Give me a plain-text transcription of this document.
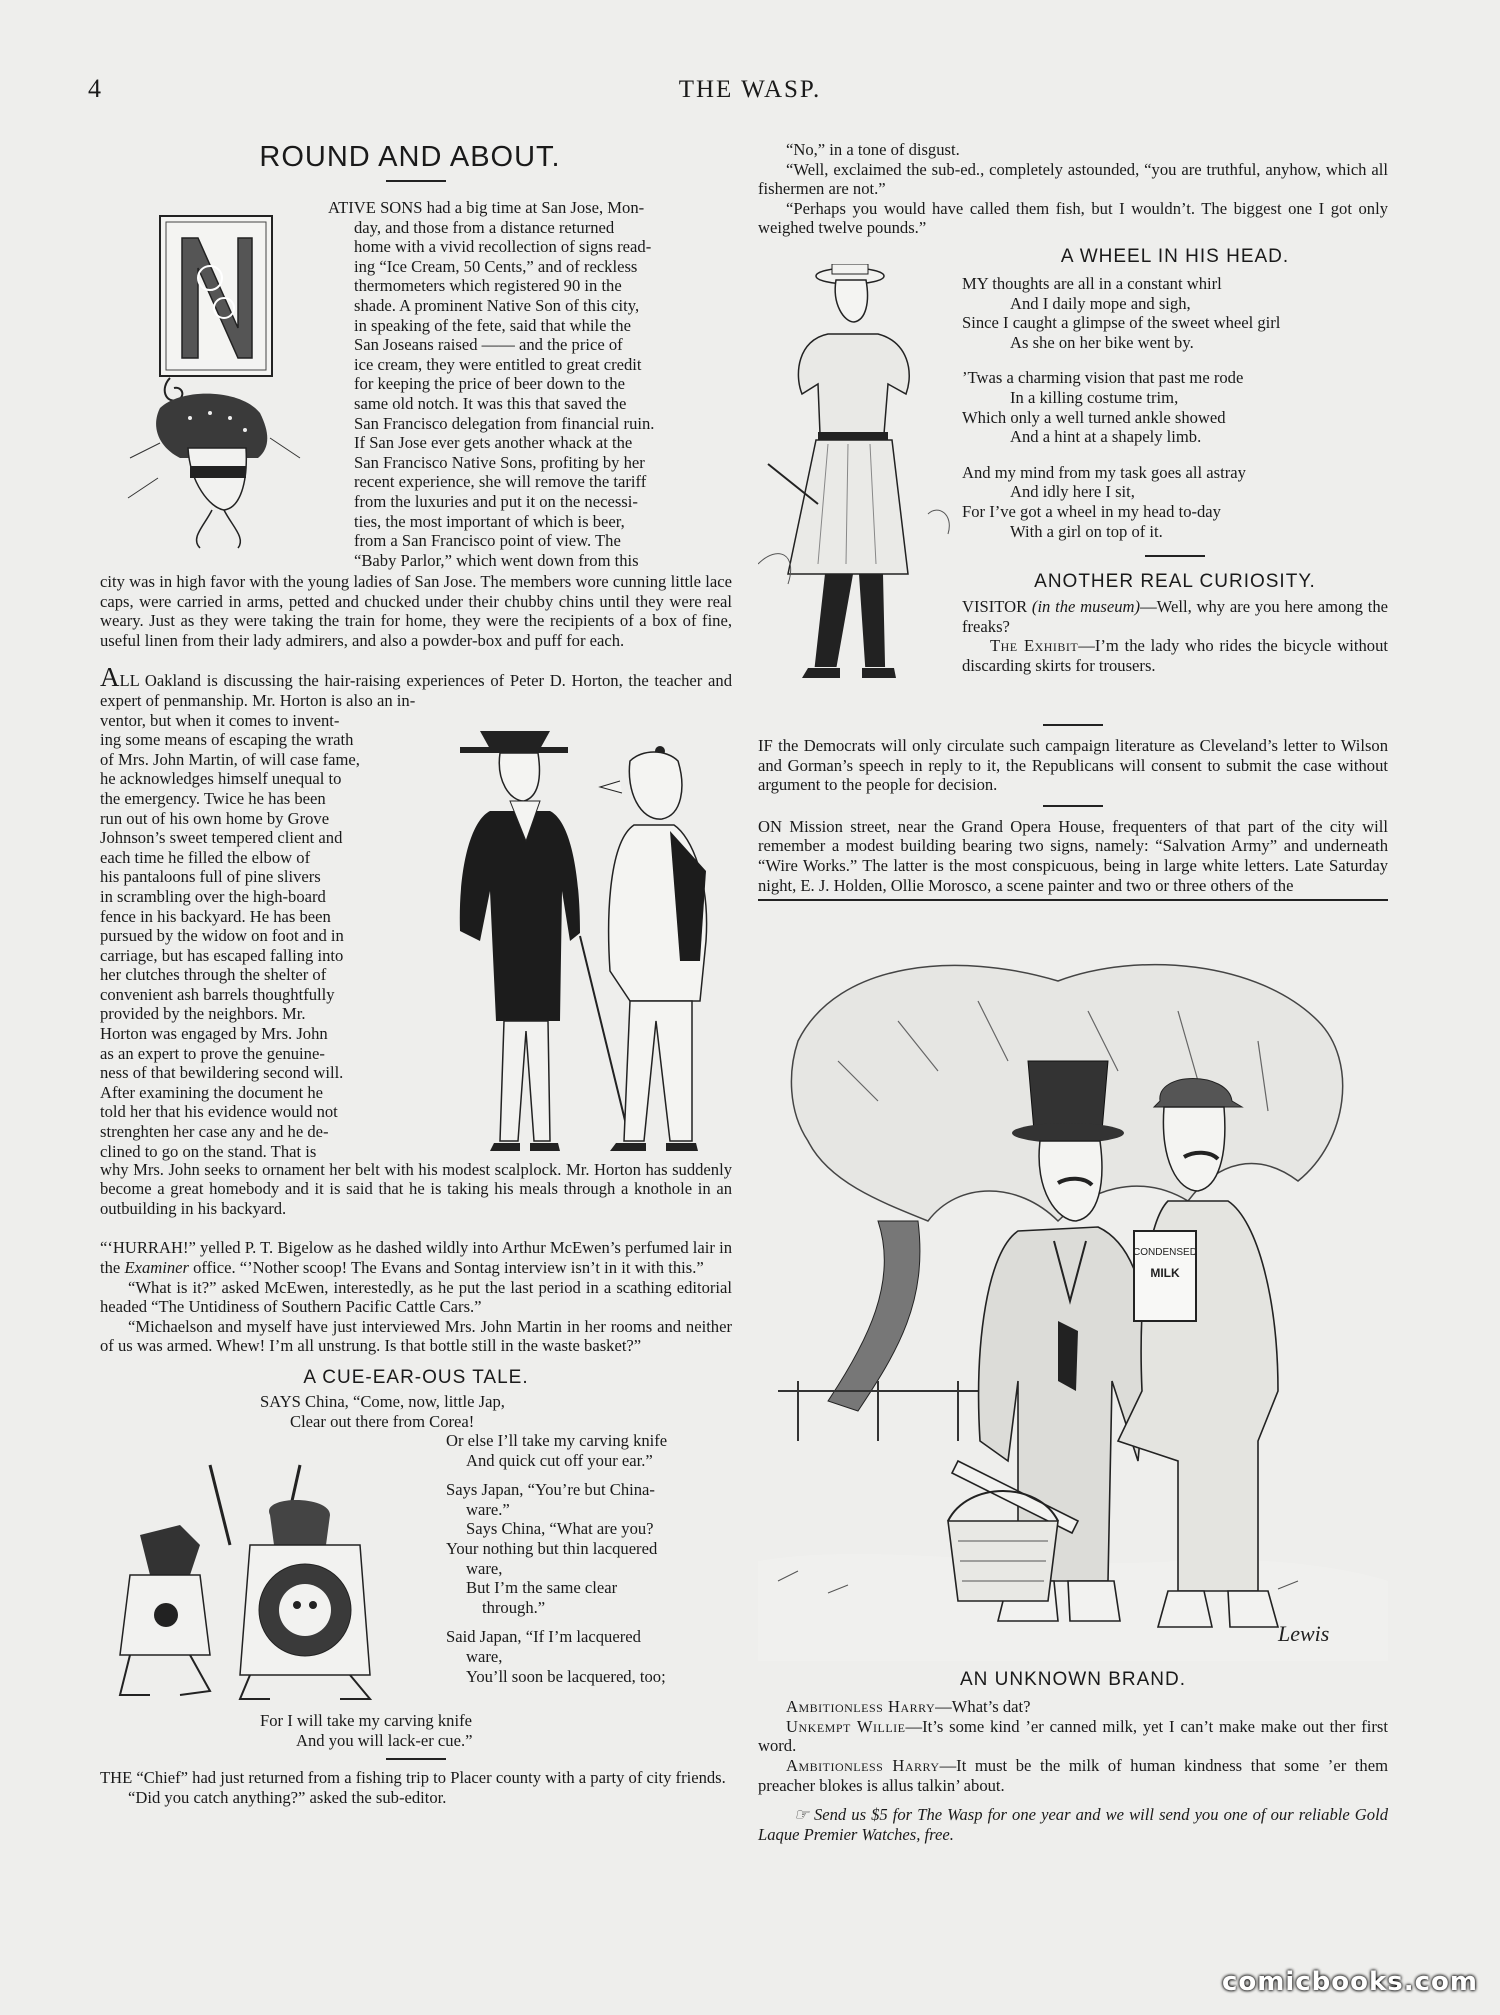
4	THE WASP.
ROUND AND ABOUT.

ATIVE SONS had a big time at San Jose, Mon-

day, and those from a distance returned

home with a vivid recollection of signs read-

ing “Ice Cream, 50 Cents,” and of reckless

thermometers which registered 90 in the

shade. A prominent Native Son of this city,

in speaking of the fete, said that while the

San Joseans raised —— and the price of

ice cream, they were entitled to great credit

for keeping the price of beer down to the

same old notch. It was this that saved the

San Francisco delegation from financial ruin.

If San Jose ever gets another whack at the

San Francisco Native Sons, profiting by her

recent experience, she will remove the tariff

from the luxuries and put it on the necessi-

ties, the most important of which is beer,

from a San Francisco point of view. The

“Baby Parlor,” which went down from this

city was in high favor with the young ladies of San Jose. The members wore cunning little lace caps, were carried in arms, petted and chucked under their chubby chins until they were real weary. Just as they were taking the train for home, they were the recipients of a box of fine, useful linen from their lady admirers, and also a powder-box and puff for each.

ALL Oakland is discussing the hair-raising experiences of Peter D. Horton, the teacher and expert of penmanship. Mr. Horton is also an in-

ventor, but when it comes to invent-

ing some means of escaping the wrath

of Mrs. John Martin, of will case fame,

he acknowledges himself unequal to

the emergency. Twice he has been

run out of his own home by Grove

Johnson’s sweet tempered client and

each time he filled the elbow of

his pantaloons full of pine slivers

in scrambling over the high-board

fence in his backyard. He has been

pursued by the widow on foot and in

carriage, but has escaped falling into

her clutches through the shelter of

convenient ash barrels thoughtfully

provided by the neighbors. Mr.

Horton was engaged by Mrs. John

as an expert to prove the genuine-

ness of that bewildering second will.

After examining the document he

told her that his evidence would not

strenghten her case any and he de-

clined to go on the stand. That is

why Mrs. John seeks to ornament her belt with his modest scalplock. Mr. Horton has suddenly become a great homebody and it is said that he is taking his meals through a knothole in an outbuilding in his backyard.

“‘HURRAH!” yelled P. T. Bigelow as he dashed wildly into Arthur McEwen’s perfumed lair in the Examiner office. “’Nother scoop! The Evans and Sontag interview isn’t in it with this.”

“What is it?” asked McEwen, interestedly, as he put the last period in a scathing editorial headed “The Untidiness of Southern Pacific Cattle Cars.”

“Michaelson and myself have just interviewed Mrs. John Martin in her rooms and neither of us was armed. Whew! I’m all unstrung. Is that bottle still in the waste basket?”

A CUE-EAR-OUS TALE.

SAYS China, “Come, now, little Jap,

Clear out there from Corea!

Or else I’ll take my carving knife

And quick cut off your ear.”

Says Japan, “You’re but China-

ware.”

Says China, “What are you?

Your nothing but thin lacquered

ware,

But I’m the same clear

through.”

Said Japan, “If I’m lacquered

ware,

You’ll soon be lacquered, too;

For I will take my carving knife

And you will lack-er cue.”

THE “Chief” had just returned from a fishing trip to Placer county with a party of city friends.

“Did you catch anything?” asked the sub-editor.

“No,” in a tone of disgust.

“Well, exclaimed the sub-ed., completely astounded, “you are truthful, anyhow, which all fishermen are not.”

“Perhaps you would have called them fish, but I wouldn’t. The biggest one I got only weighed twelve pounds.”

A WHEEL IN HIS HEAD.

MY thoughts are all in a constant whirl

And I daily mope and sigh,

Since I caught a glimpse of the sweet wheel girl

As she on her bike went by.

’Twas a charming vision that past me rode

In a killing costume trim,

Which only a well turned ankle showed

And a hint at a shapely limb.

And my mind from my task goes all astray

And idly here I sit,

For I’ve got a wheel in my head to-day

With a girl on top of it.

ANOTHER REAL CURIOSITY.

VISITOR (in the museum)—Well, why are you here among the freaks?

The Exhibit—I’m the lady who rides the bicycle without discarding skirts for trousers.

IF the Democrats will only circulate such campaign literature as Cleveland’s letter to Wilson and Gorman’s speech in reply to it, the Republicans will consent to submit the case without argument to the people for decision.

ON Mission street, near the Grand Opera House, frequenters of that part of the city will remember a modest building bearing two signs, namely: “Salvation Army” and underneath “Wire Works.” The latter is the most conspicuous, being in large white letters. Late Saturday night, E. J. Holden, Ollie Morosco, a scene painter and two or three others of the

CONDENSED
MILK
Lewis
AN UNKNOWN BRAND.

Ambitionless Harry—What’s dat?

Unkempt Willie—It’s some kind ’er canned milk, yet I can’t make make out ther first word.

Ambitionless Harry—It must be the milk of human kindness that some ’er them preacher blokes is allus talkin’ about.

☞ Send us $5 for The Wasp for one year and we will send you one of our reliable Gold Laque Premier Watches, free.

comicbooks.com
